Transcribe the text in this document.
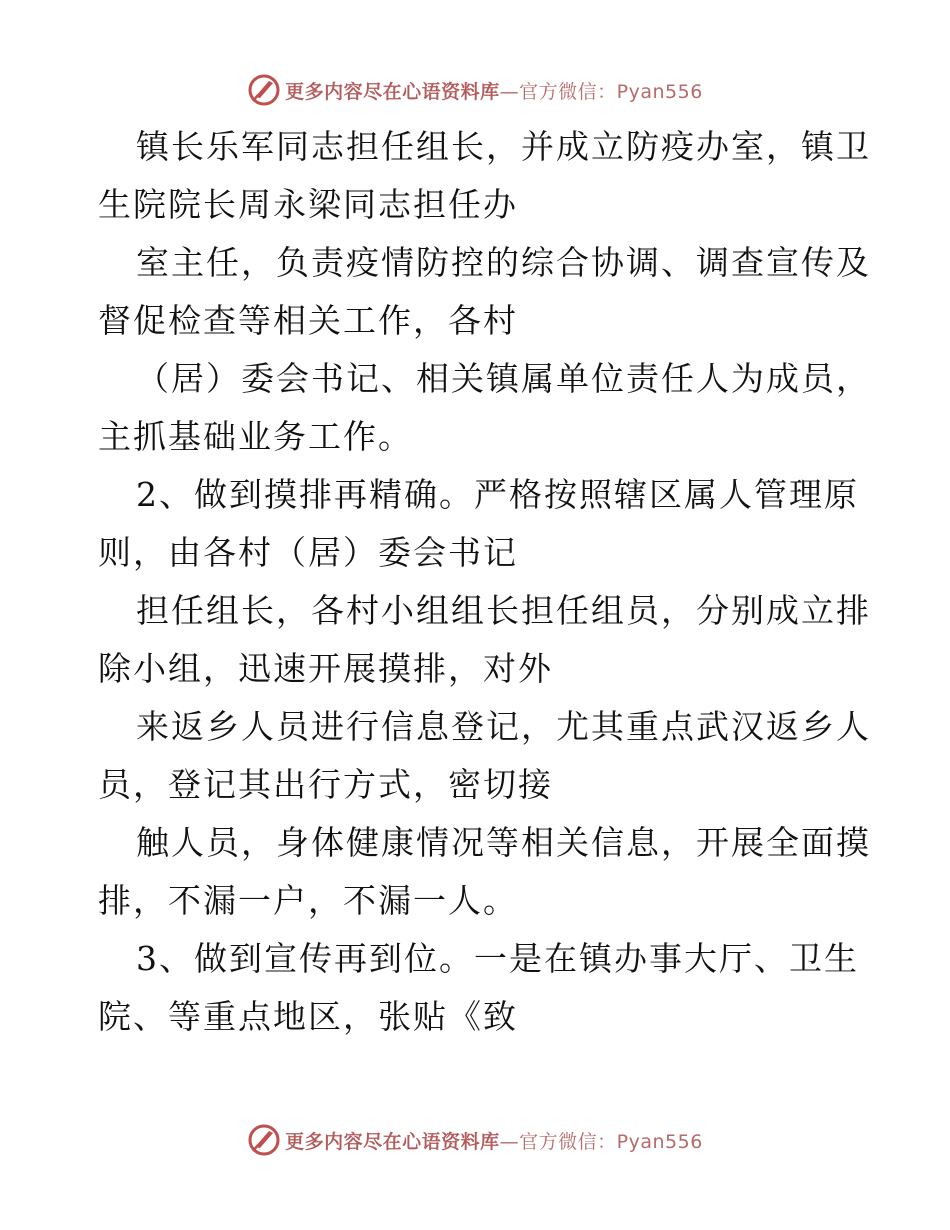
更多内容尽在心语资料库—官方微信：Pyan556
镇长乐军同志担任组长，并成立防疫办室，镇卫
生院院长周永梁同志担任办
室主任，负责疫情防控的综合协调、调查宣传及
督促检查等相关工作，各村
（居）委会书记、相关镇属单位责任人为成员，
主抓基础业务工作。
2、做到摸排再精确。严格按照辖区属人管理原
则，由各村（居）委会书记
担任组长，各村小组组长担任组员，分别成立排
除小组，迅速开展摸排，对外
来返乡人员进行信息登记，尤其重点武汉返乡人
员，登记其出行方式，密切接
触人员，身体健康情况等相关信息，开展全面摸
排，不漏一户，不漏一人。
3、做到宣传再到位。一是在镇办事大厅、卫生
院、等重点地区，张贴《致
更多内容尽在心语资料库—官方微信：Pyan556
